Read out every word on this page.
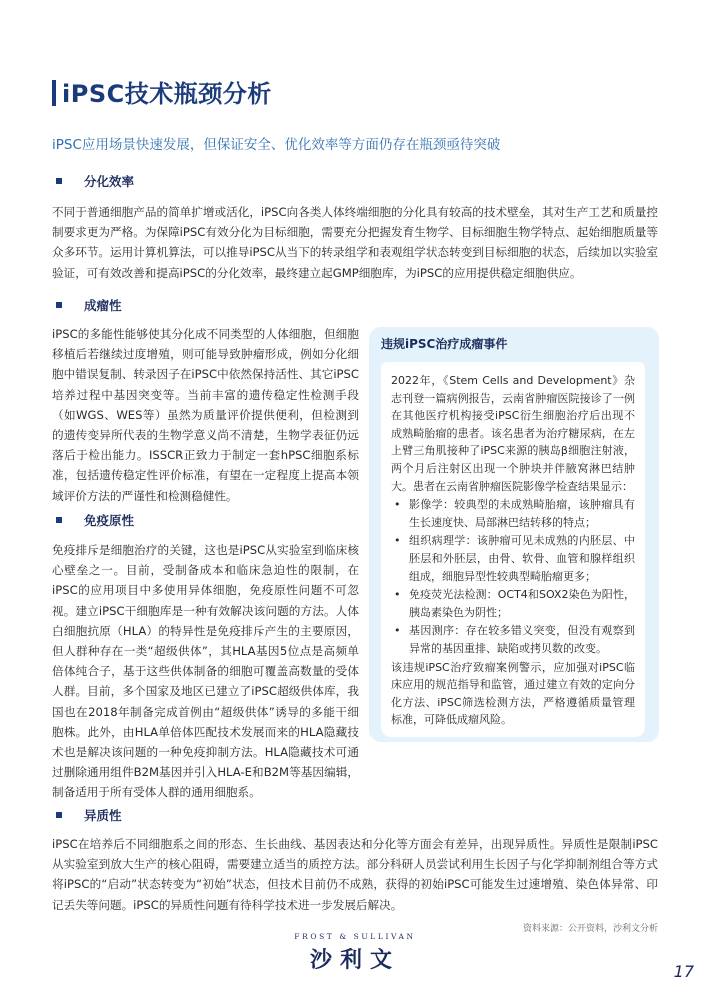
iPSC技术瓶颈分析

iPSC应用场景快速发展，但保证安全、优化效率等方面仍存在瓶颈亟待突破

分化效率

不同于普通细胞产品的简单扩增或活化，iPSC向各类人体终端细胞的分化具有较高的技术壁垒，其对生产工艺和质量控制要求更为严格。为保障iPSC有效分化为目标细胞，需要充分把握发育生物学、目标细胞生物学特点、起始细胞质量等众多环节。运用计算机算法，可以推导iPSC从当下的转录组学和表观组学状态转变到目标细胞的状态，后续加以实验室验证，可有效改善和提高iPSC的分化效率，最终建立起GMP细胞库，为iPSC的应用提供稳定细胞供应。

成瘤性

iPSC的多能性能够使其分化成不同类型的人体细胞，但细胞移植后若继续过度增殖，则可能导致肿瘤形成，例如分化细胞中错误复制、转录因子在iPSC中依然保持活性、其它iPSC培养过程中基因突变等。当前丰富的遗传稳定性检测手段（如WGS、WES等）虽然为质量评价提供便利，但检测到的遗传变异所代表的生物学意义尚不清楚，生物学表征仍远落后于检出能力。ISSCR正致力于制定一套hPSC细胞系标准，包括遗传稳定性评价标准，有望在一定程度上提高本领域评价方法的严谨性和检测稳健性。

免疫原性

免疫排斥是细胞治疗的关键，这也是iPSC从实验室到临床核心壁垒之一。目前，受制备成本和临床急迫性的限制，在iPSC的应用项目中多使用异体细胞，免疫原性问题不可忽视。建立iPSC干细胞库是一种有效解决该问题的方法。人体白细胞抗原（HLA）的特异性是免疫排斥产生的主要原因，但人群种存在一类“超级供体”，其HLA基因5位点是高频单倍体纯合子，基于这些供体制备的细胞可覆盖高数量的受体人群。目前，多个国家及地区已建立了iPSC超级供体库，我国也在2018年制备完成首例由“超级供体”诱导的多能干细胞株。此外，由HLA单倍体匹配技术发展而来的HLA隐藏技术也是解决该问题的一种免疫抑制方法。HLA隐藏技术可通过删除通用组件B2M基因并引入HLA-E和B2M等基因编辑，制备适用于所有受体人群的通用细胞系。

异质性

iPSC在培养后不同细胞系之间的形态、生长曲线、基因表达和分化等方面会有差异，出现异质性。异质性是限制iPSC从实验室到放大生产的核心阻碍，需要建立适当的质控方法。部分科研人员尝试利用生长因子与化学抑制剂组合等方式将iPSC的“启动”状态转变为“初始”状态，但技术目前仍不成熟，获得的初始iPSC可能发生过速增殖、染色体异常、印记丢失等问题。iPSC的异质性问题有待科学技术进一步发展后解决。

违规iPSC治疗成瘤事件

2022年，《Stem Cells and Development》杂志刊登一篇病例报告，云南省肿瘤医院接诊了一例在其他医疗机构接受iPSC衍生细胞治疗后出现不成熟畸胎瘤的患者。该名患者为治疗糖尿病，在左上臂三角肌接种了iPSC来源的胰岛β细胞注射液，两个月后注射区出现一个肿块并伴腋窝淋巴结肿大。患者在云南省肿瘤医院影像学检查结果显示：

• 影像学：较典型的未成熟畸胎瘤，该肿瘤具有生长速度快、局部淋巴结转移的特点；
• 组织病理学：该肿瘤可见未成熟的内胚层、中胚层和外胚层，由骨、软骨、血管和腺样组织组成，细胞异型性较典型畸胎瘤更多；
• 免疫荧光法检测：OCT4和SOX2染色为阳性，胰岛素染色为阴性；
• 基因测序：存在较多错义突变，但没有观察到异常的基因重排、缺陷或拷贝数的改变。

该违规iPSC治疗致瘤案例警示，应加强对iPSC临床应用的规范指导和监管，通过建立有效的定向分化方法、iPSC筛选检测方法，严格遵循质量管理标准，可降低成瘤风险。

资料来源：公开资料，沙利文分析
FROST & SULLIVAN
沙利文	17
